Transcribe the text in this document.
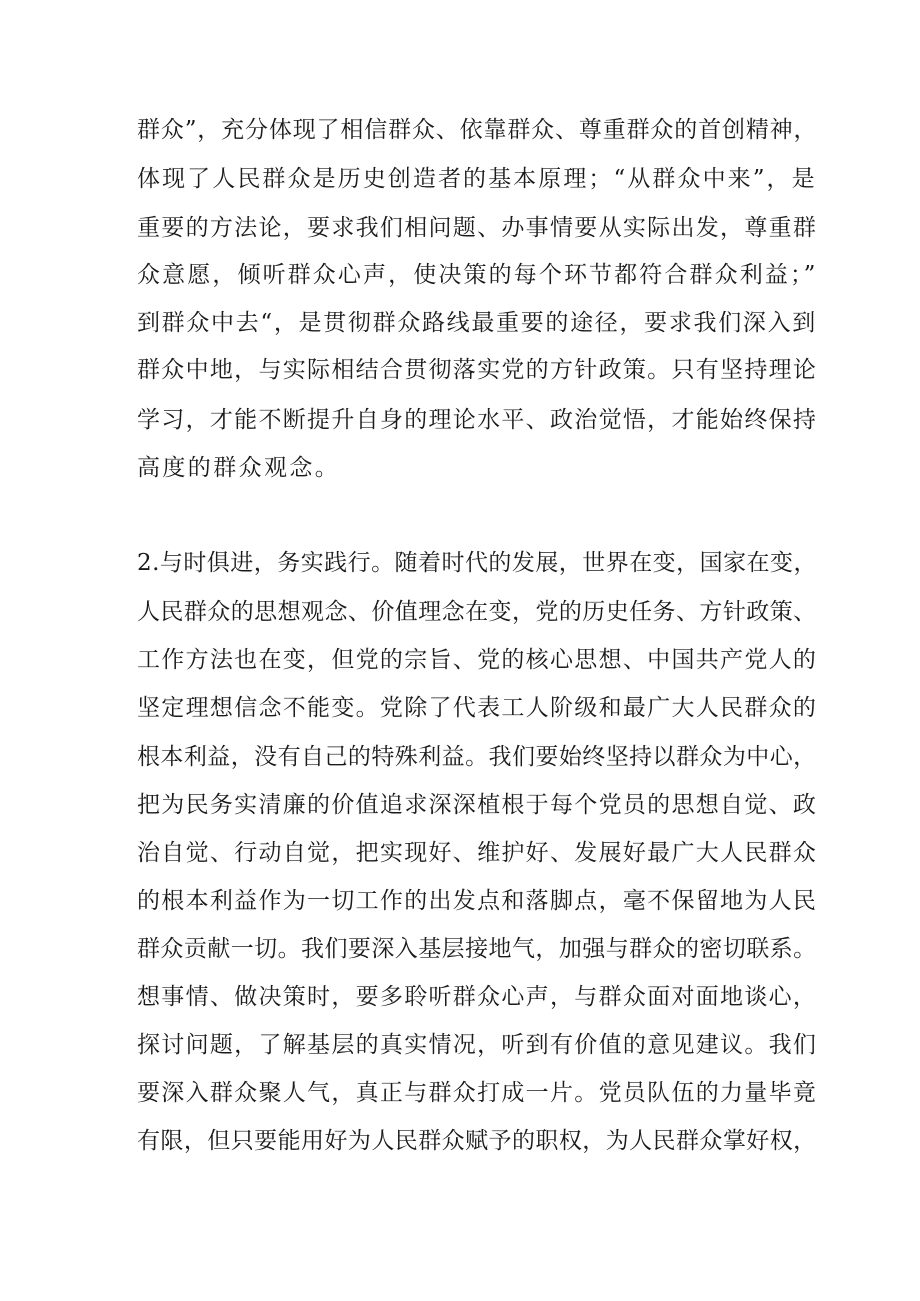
群众”，充分体现了相信群众、依靠群众、尊重群众的首创精神，
体现了人民群众是历史创造者的基本原理；“从群众中来”，是
重要的方法论，要求我们相问题、办事情要从实际出发，尊重群
众意愿，倾听群众心声，使决策的每个环节都符合群众利益；”
到群众中去“，是贯彻群众路线最重要的途径，要求我们深入到
群众中地，与实际相结合贯彻落实党的方针政策。只有坚持理论
学习，才能不断提升自身的理论水平、政治觉悟，才能始终保持
高度的群众观念。
2.与时俱进，务实践行。随着时代的发展，世界在变，国家在变，
人民群众的思想观念、价值理念在变，党的历史任务、方针政策、
工作方法也在变，但党的宗旨、党的核心思想、中国共产党人的
坚定理想信念不能变。党除了代表工人阶级和最广大人民群众的
根本利益，没有自己的特殊利益。我们要始终坚持以群众为中心，
把为民务实清廉的价值追求深深植根于每个党员的思想自觉、政
治自觉、行动自觉，把实现好、维护好、发展好最广大人民群众
的根本利益作为一切工作的出发点和落脚点，毫不保留地为人民
群众贡献一切。我们要深入基层接地气，加强与群众的密切联系。
想事情、做决策时，要多聆听群众心声，与群众面对面地谈心，
探讨问题，了解基层的真实情况，听到有价值的意见建议。我们
要深入群众聚人气，真正与群众打成一片。党员队伍的力量毕竟
有限，但只要能用好为人民群众赋予的职权，为人民群众掌好权，
